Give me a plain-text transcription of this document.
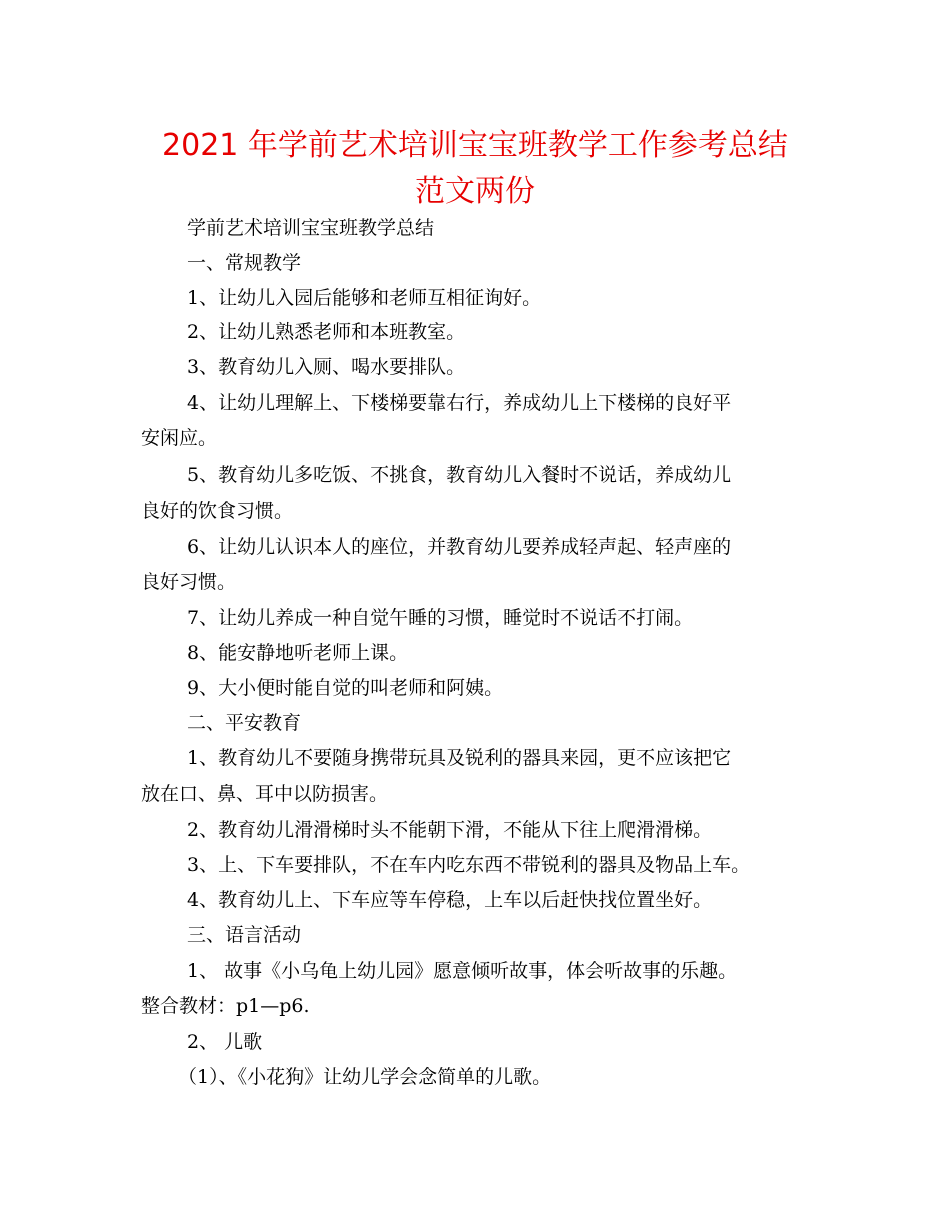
2021 年学前艺术培训宝宝班教学工作参考总结
范文两份

学前艺术培训宝宝班教学总结

一、常规教学

1、让幼儿入园后能够和老师互相征询好。

2、让幼儿熟悉老师和本班教室。

3、教育幼儿入厕、喝水要排队。

4、让幼儿理解上、下楼梯要靠右行，养成幼儿上下楼梯的良好平

安闲应。

5、教育幼儿多吃饭、不挑食，教育幼儿入餐时不说话，养成幼儿

良好的饮食习惯。

6、让幼儿认识本人的座位，并教育幼儿要养成轻声起、轻声座的

良好习惯。

7、让幼儿养成一种自觉午睡的习惯，睡觉时不说话不打闹。

8、能安静地听老师上课。

9、大小便时能自觉的叫老师和阿姨。

二、平安教育

1、教育幼儿不要随身携带玩具及锐利的器具来园，更不应该把它

放在口、鼻、耳中以防损害。

2、教育幼儿滑滑梯时头不能朝下滑，不能从下往上爬滑滑梯。

3、上、下车要排队，不在车内吃东西不带锐利的器具及物品上车。

4、教育幼儿上、下车应等车停稳，上车以后赶快找位置坐好。

三、语言活动

1、 故事《小乌龟上幼儿园》愿意倾听故事，体会听故事的乐趣。

整合教材：p1—p6.

2、 儿歌

（1）、《小花狗》让幼儿学会念简单的儿歌。
